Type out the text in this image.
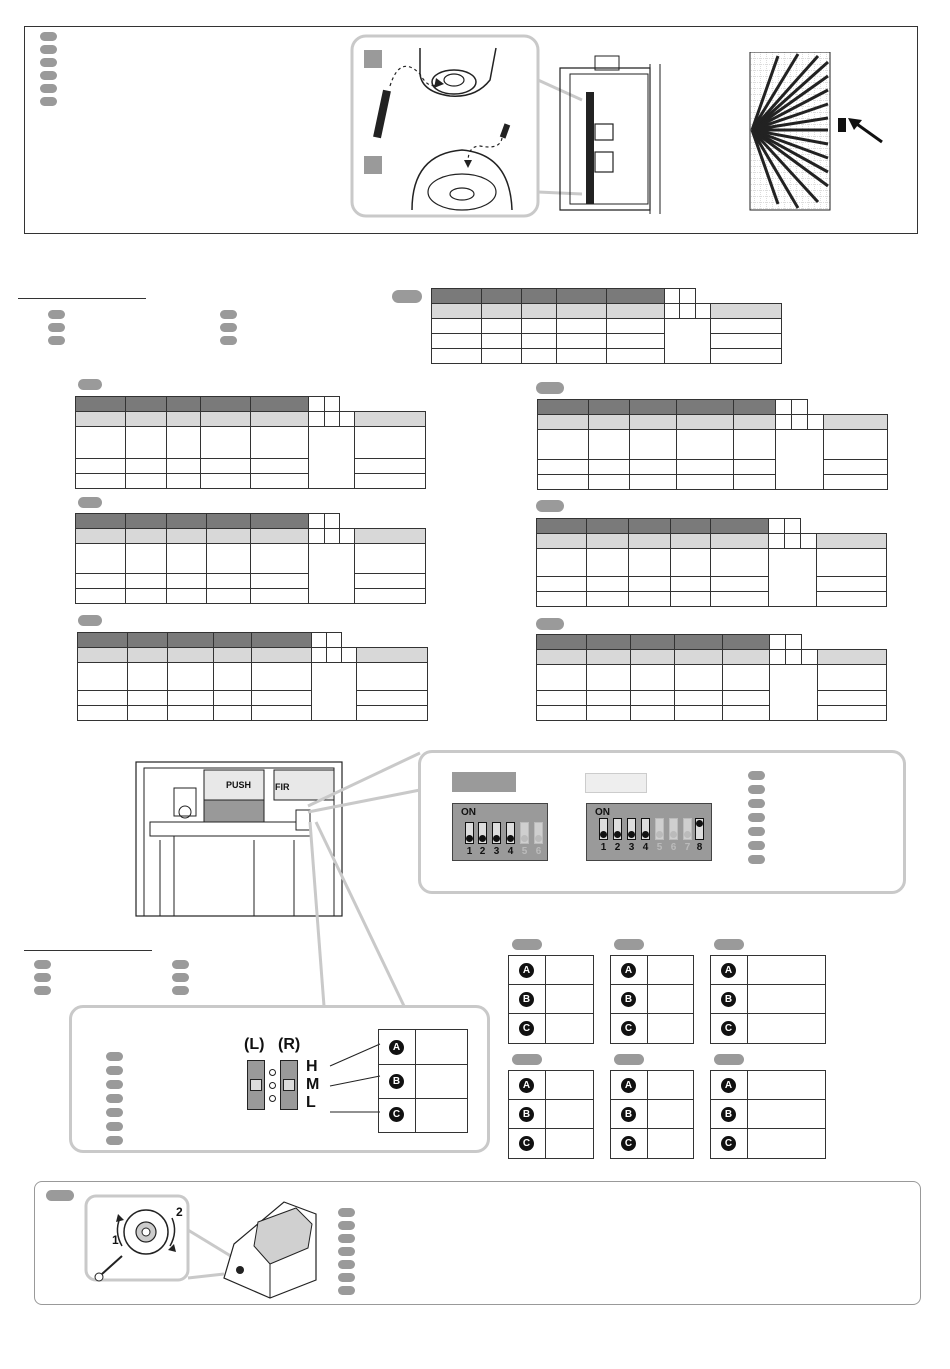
PUSH	FIR
ON
1 2 3 4 5 6
ON
1 2 3 4 5 6 7 8
(L) (R)
H
M
L
A
B
C
A
B
C
A
B
C
A
B
C
A
B
C
A
B
C
A
B
C
1
2
